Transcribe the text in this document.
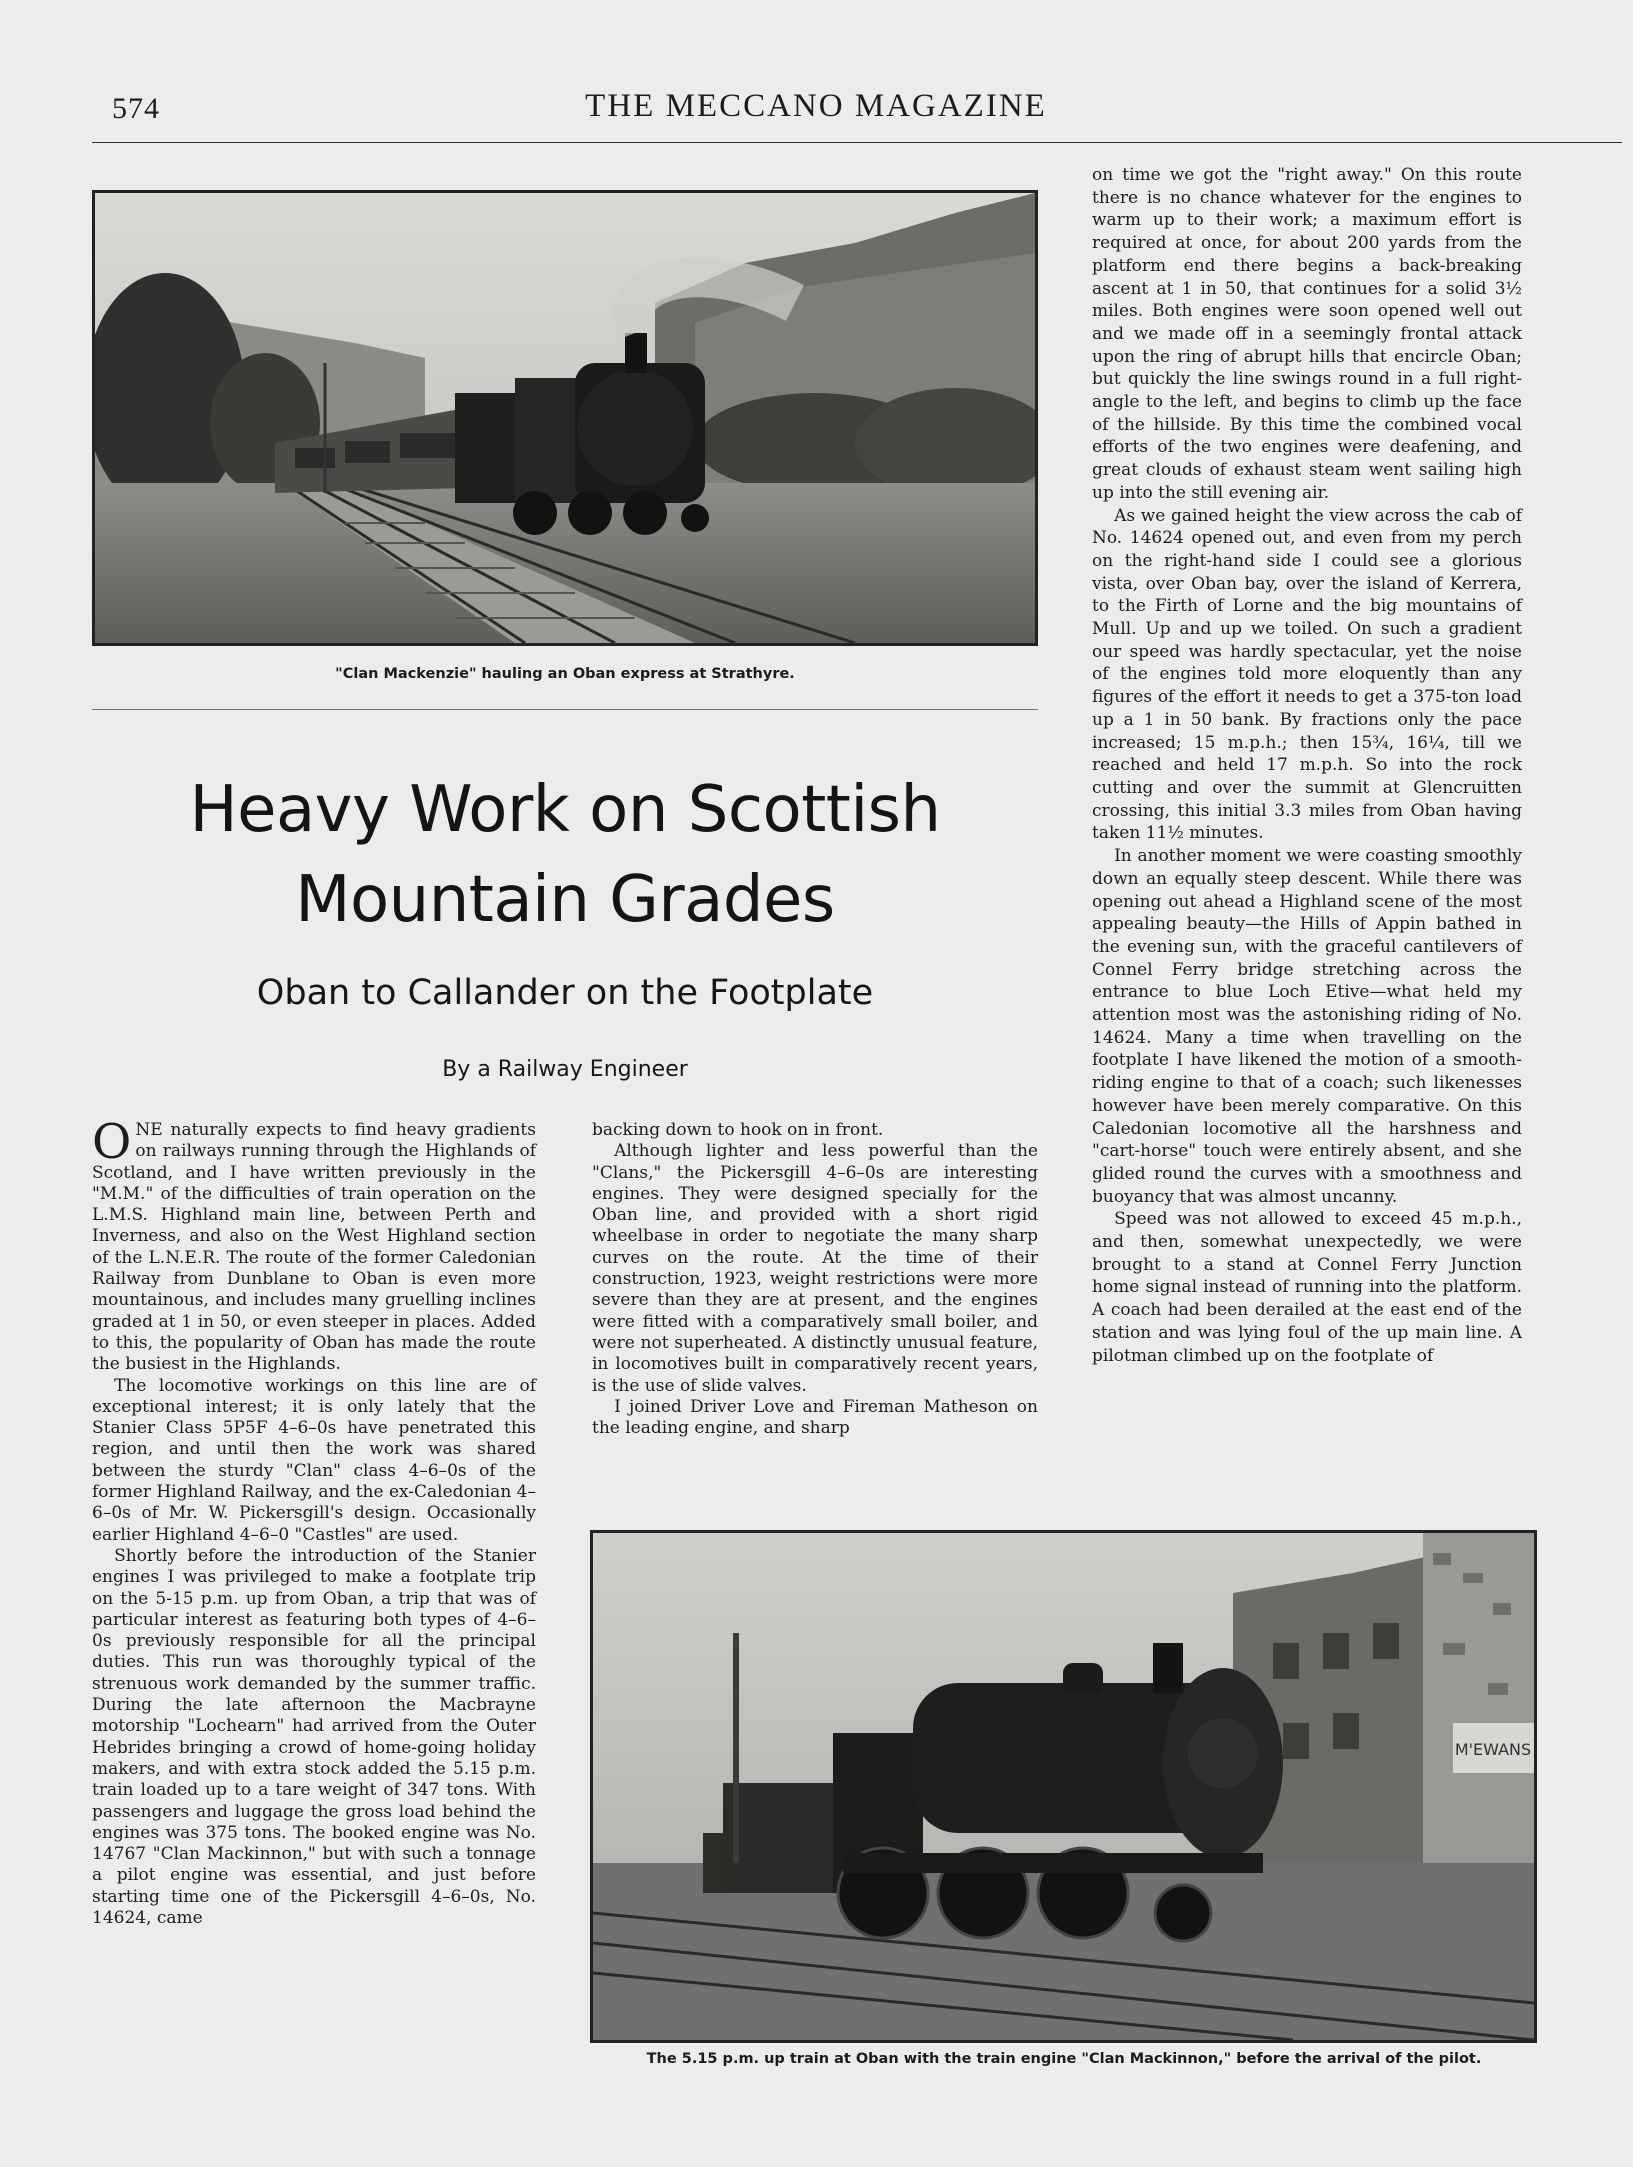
574	THE MECCANO MAGAZINE
"Clan Mackenzie" hauling an Oban express at Strathyre.
Heavy Work on Scottish
Mountain Grades
Oban to Callander on the Footplate
By a Railway Engineer

ONE naturally expects to find heavy gradients on railways running through the Highlands of Scotland, and I have written previously in the "M.M." of the difficulties of train operation on the L.M.S. Highland main line, between Perth and Inverness, and also on the West Highland section of the L.N.E.R. The route of the former Caledonian Railway from Dunblane to Oban is even more mountainous, and includes many gruelling inclines graded at 1 in 50, or even steeper in places. Added to this, the popularity of Oban has made the route the busiest in the Highlands.

The locomotive workings on this line are of exceptional interest; it is only lately that the Stanier Class 5P5F 4–6–0s have penetrated this region, and until then the work was shared between the sturdy "Clan" class 4–6–0s of the former Highland Railway, and the ex-Caledonian 4–6–0s of Mr. W. Pickersgill's design. Occasionally earlier Highland 4–6–0 "Castles" are used.

Shortly before the introduction of the Stanier engines I was privileged to make a footplate trip on the 5-15 p.m. up from Oban, a trip that was of particular interest as featuring both types of 4–6–0s previously responsible for all the principal duties. This run was thoroughly typical of the strenuous work demanded by the summer traffic. During the late afternoon the Macbrayne motorship "Lochearn" had arrived from the Outer Hebrides bringing a crowd of home-going holiday makers, and with extra stock added the 5.15 p.m. train loaded up to a tare weight of 347 tons. With passengers and luggage the gross load behind the engines was 375 tons. The booked engine was No. 14767 "Clan Mackinnon," but with such a tonnage a pilot engine was essential, and just before starting time one of the Pickersgill 4–6–0s, No. 14624, came

backing down to hook on in front.

Although lighter and less powerful than the "Clans," the Pickersgill 4–6–0s are interesting engines. They were designed specially for the Oban line, and provided with a short rigid wheelbase in order to negotiate the many sharp curves on the route. At the time of their construction, 1923, weight restrictions were more severe than they are at present, and the engines were fitted with a comparatively small boiler, and were not superheated. A distinctly unusual feature, in locomotives built in comparatively recent years, is the use of slide valves.

I joined Driver Love and Fireman Matheson on the leading engine, and sharp

on time we got the "right away." On this route there is no chance whatever for the engines to warm up to their work; a maximum effort is required at once, for about 200 yards from the platform end there begins a back-breaking ascent at 1 in 50, that continues for a solid 3½ miles. Both engines were soon opened well out and we made off in a seemingly frontal attack upon the ring of abrupt hills that encircle Oban; but quickly the line swings round in a full right-angle to the left, and begins to climb up the face of the hillside. By this time the combined vocal efforts of the two engines were deafening, and great clouds of exhaust steam went sailing high up into the still evening air.

As we gained height the view across the cab of No. 14624 opened out, and even from my perch on the right-hand side I could see a glorious vista, over Oban bay, over the island of Kerrera, to the Firth of Lorne and the big mountains of Mull. Up and up we toiled. On such a gradient our speed was hardly spectacular, yet the noise of the engines told more eloquently than any figures of the effort it needs to get a 375-ton load up a 1 in 50 bank. By fractions only the pace increased; 15 m.p.h.; then 15¾, 16¼, till we reached and held 17 m.p.h. So into the rock cutting and over the summit at Glencruitten crossing, this initial 3.3 miles from Oban having taken 11½ minutes.

In another moment we were coasting smoothly down an equally steep descent. While there was opening out ahead a Highland scene of the most appealing beauty—the Hills of Appin bathed in the evening sun, with the graceful cantilevers of Connel Ferry bridge stretching across the entrance to blue Loch Etive—what held my attention most was the astonishing riding of No. 14624. Many a time when travelling on the footplate I have likened the motion of a smooth-riding engine to that of a coach; such likenesses however have been merely comparative. On this Caledonian locomotive all the harshness and "cart-horse" touch were entirely absent, and she glided round the curves with a smoothness and buoyancy that was almost uncanny.

Speed was not allowed to exceed 45 m.p.h., and then, somewhat unexpectedly, we were brought to a stand at Connel Ferry Junction home signal instead of running into the platform. A coach had been derailed at the east end of the station and was lying foul of the up main line. A pilotman climbed up on the footplate of

M'EWANS
The 5.15 p.m. up train at Oban with the train engine "Clan Mackinnon," before the arrival of the pilot.
